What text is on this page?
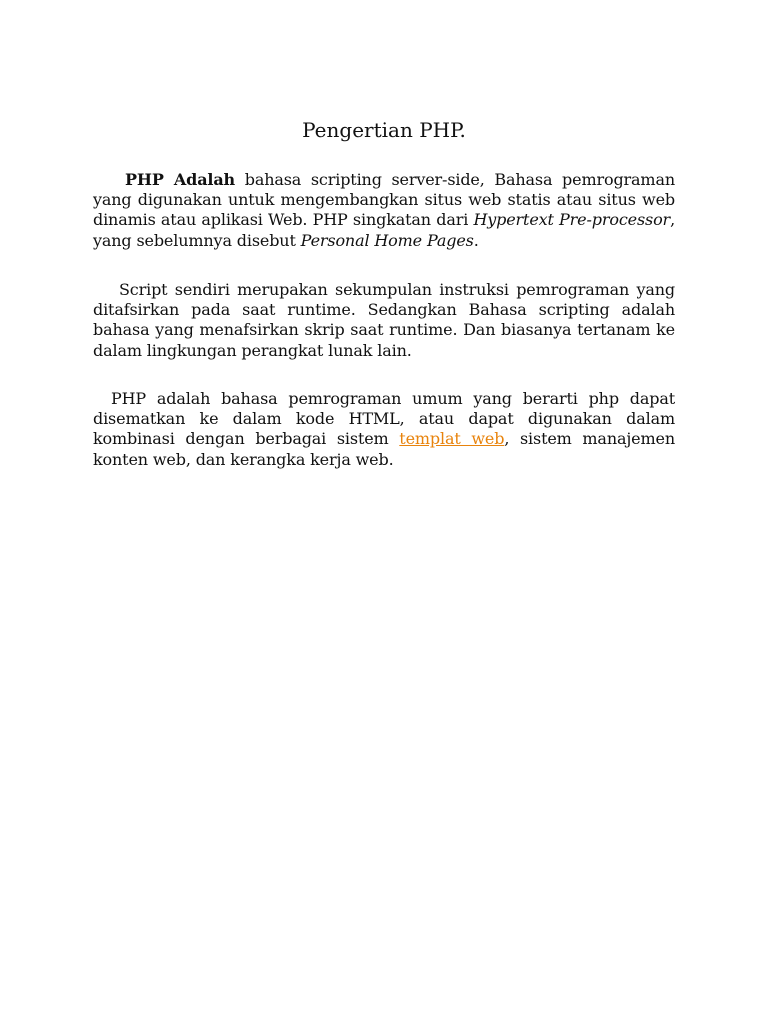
Pengertian PHP.

PHP Adalah bahasa scripting server-side, Bahasa pemrograman yang digunakan untuk mengembangkan situs web statis atau situs web dinamis atau aplikasi Web. PHP singkatan dari Hypertext Pre-processor, yang sebelumnya disebut Personal Home Pages.

Script sendiri merupakan sekumpulan instruksi pemrograman yang ditafsirkan pada saat runtime. Sedangkan Bahasa scripting adalah bahasa yang menafsirkan skrip saat runtime. Dan biasanya tertanam ke dalam lingkungan perangkat lunak lain.

PHP adalah bahasa pemrograman umum yang berarti php dapat disematkan ke dalam kode HTML, atau dapat digunakan dalam kombinasi dengan berbagai sistem templat web, sistem manajemen konten web, dan kerangka kerja web.
